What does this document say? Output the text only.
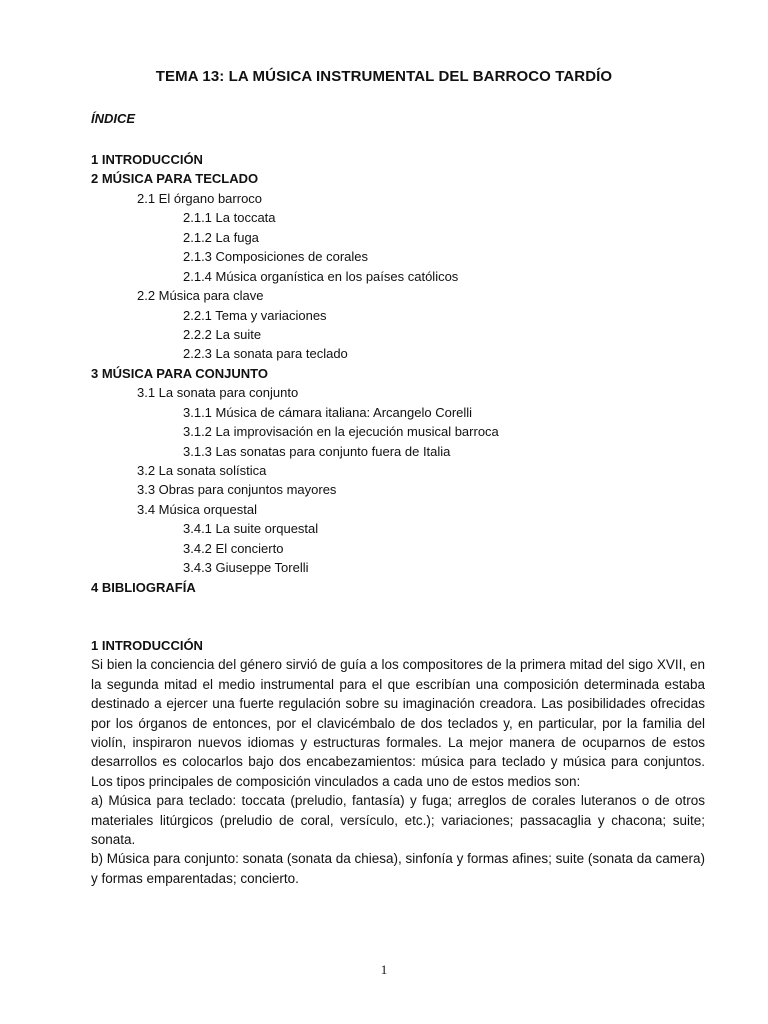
TEMA 13: LA MÚSICA INSTRUMENTAL DEL BARROCO TARDÍO
ÍNDICE
1 INTRODUCCIÓN
2 MÚSICA PARA TECLADO
2.1 El órgano barroco
2.1.1 La toccata
2.1.2 La fuga
2.1.3 Composiciones de corales
2.1.4 Música organística en los países católicos
2.2 Música para clave
2.2.1 Tema y variaciones
2.2.2 La suite
2.2.3 La sonata para teclado
3 MÚSICA PARA CONJUNTO
3.1 La sonata para conjunto
3.1.1 Música de cámara italiana: Arcangelo Corelli
3.1.2 La improvisación en la ejecución musical barroca
3.1.3 Las sonatas para conjunto fuera de Italia
3.2 La sonata solística
3.3 Obras para conjuntos mayores
3.4 Música orquestal
3.4.1 La suite orquestal
3.4.2 El concierto
3.4.3 Giuseppe Torelli
4 BIBLIOGRAFÍA
1 INTRODUCCIÓN

Si bien la conciencia del género sirvió de guía a los compositores de la primera mitad del sigo XVII, en la segunda mitad el medio instrumental para el que escribían una composición determinada estaba destinado a ejercer una fuerte regulación sobre su imaginación creadora. Las posibilidades ofrecidas por los órganos de entonces, por el clavicémbalo de dos teclados y, en particular, por la familia del violín, inspiraron nuevos idiomas y estructuras formales. La mejor manera de ocuparnos de estos desarrollos es colocarlos bajo dos encabezamientos: música para teclado y música para conjuntos. Los tipos principales de composición vinculados a cada uno de estos medios son:

a) Música para teclado: toccata (preludio, fantasía) y fuga; arreglos de corales luteranos o de otros materiales litúrgicos (preludio de coral, versículo, etc.); variaciones; passacaglia y chacona; suite; sonata.

b) Música para conjunto: sonata (sonata da chiesa), sinfonía y formas afines; suite (sonata da camera) y formas emparentadas; concierto.

1
